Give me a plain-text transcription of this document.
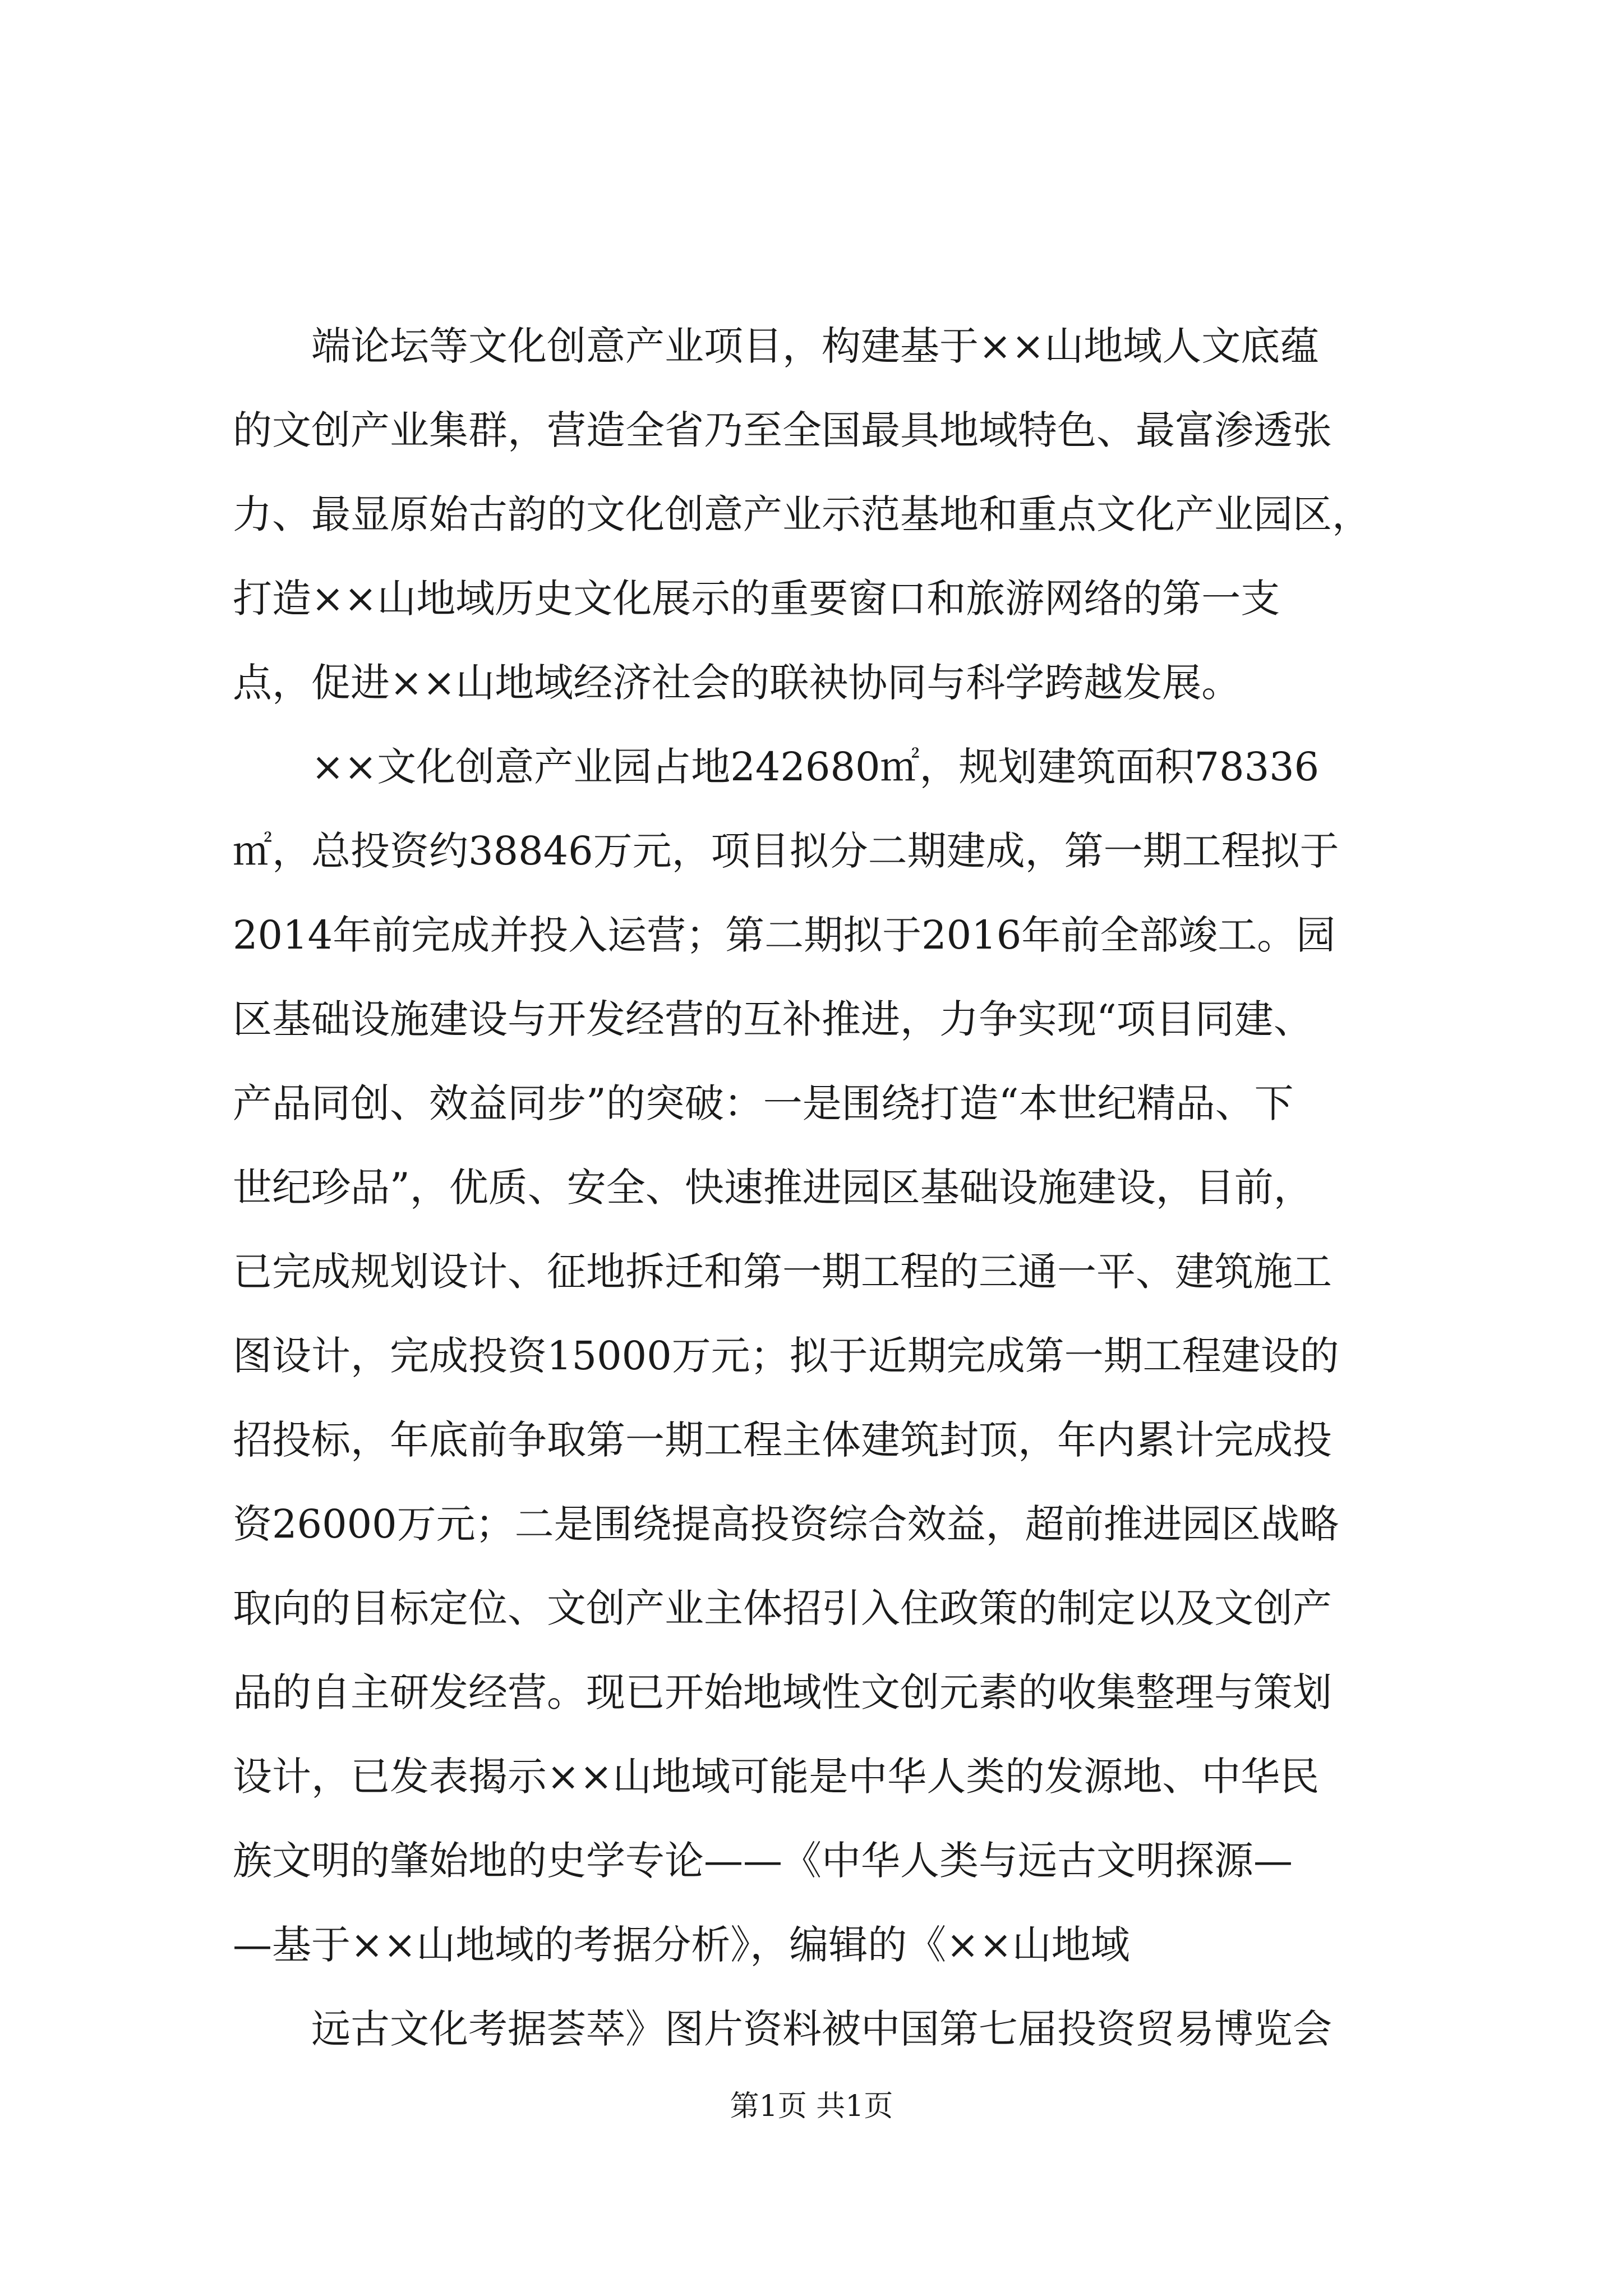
端论坛等文化创意产业项目，构建基于××山地域人文底蕴
的文创产业集群，营造全省乃至全国最具地域特色、最富渗透张
力、最显原始古韵的文化创意产业示范基地和重点文化产业园区，
打造××山地域历史文化展示的重要窗口和旅游网络的第一支
点，促进××山地域经济社会的联袂协同与科学跨越发展。
××文化创意产业园占地242680㎡，规划建筑面积78336
㎡，总投资约38846万元，项目拟分二期建成，第一期工程拟于
2014年前完成并投入运营；第二期拟于2016年前全部竣工。园
区基础设施建设与开发经营的互补推进，力争实现“项目同建、
产品同创、效益同步”的突破：一是围绕打造“本世纪精品、下
世纪珍品”，优质、安全、快速推进园区基础设施建设，目前，
已完成规划设计、征地拆迁和第一期工程的三通一平、建筑施工
图设计，完成投资15000万元；拟于近期完成第一期工程建设的
招投标，年底前争取第一期工程主体建筑封顶，年内累计完成投
资26000万元；二是围绕提高投资综合效益，超前推进园区战略
取向的目标定位、文创产业主体招引入住政策的制定以及文创产
品的自主研发经营。现已开始地域性文创元素的收集整理与策划
设计，已发表揭示××山地域可能是中华人类的发源地、中华民
族文明的肇始地的史学专论——《中华人类与远古文明探源—
—基于××山地域的考据分析》，编辑的《××山地域
远古文化考据荟萃》图片资料被中国第七届投资贸易博览会
第1页 共1页
